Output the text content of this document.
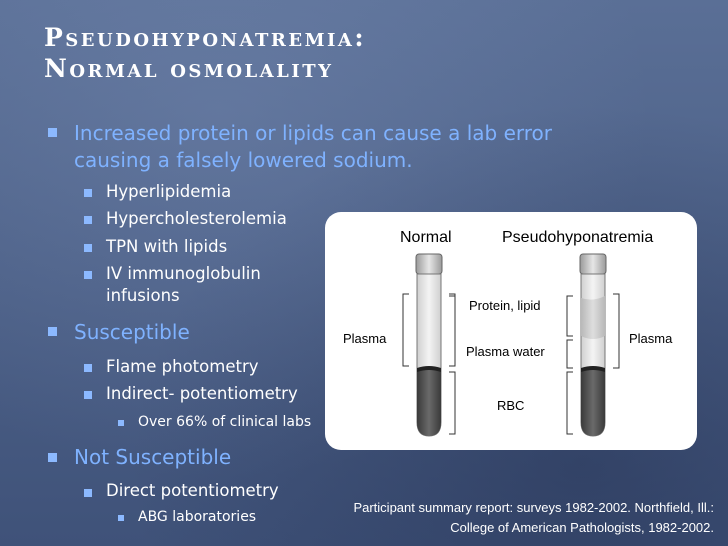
Pseudohyponatremia:
Normal osmolality

Increased protein or lipids can cause a lab error

causing a falsely lowered sodium.

Hyperlipidemia

Hypercholesterolemia

TPN with lipids

IV immunoglobulin

infusions

Susceptible

Flame photometry

Indirect- potentiometry

Over 66% of clinical labs

Not Susceptible

Direct potentiometry

ABG laboratories

Normal	Pseudohyponatremia
Protein, lipid
Plasma	Plasma
Plasma water
RBC
Participant summary report: surveys 1982-2002. Northfield, Ill.:
College of American Pathologists, 1982-2002.
